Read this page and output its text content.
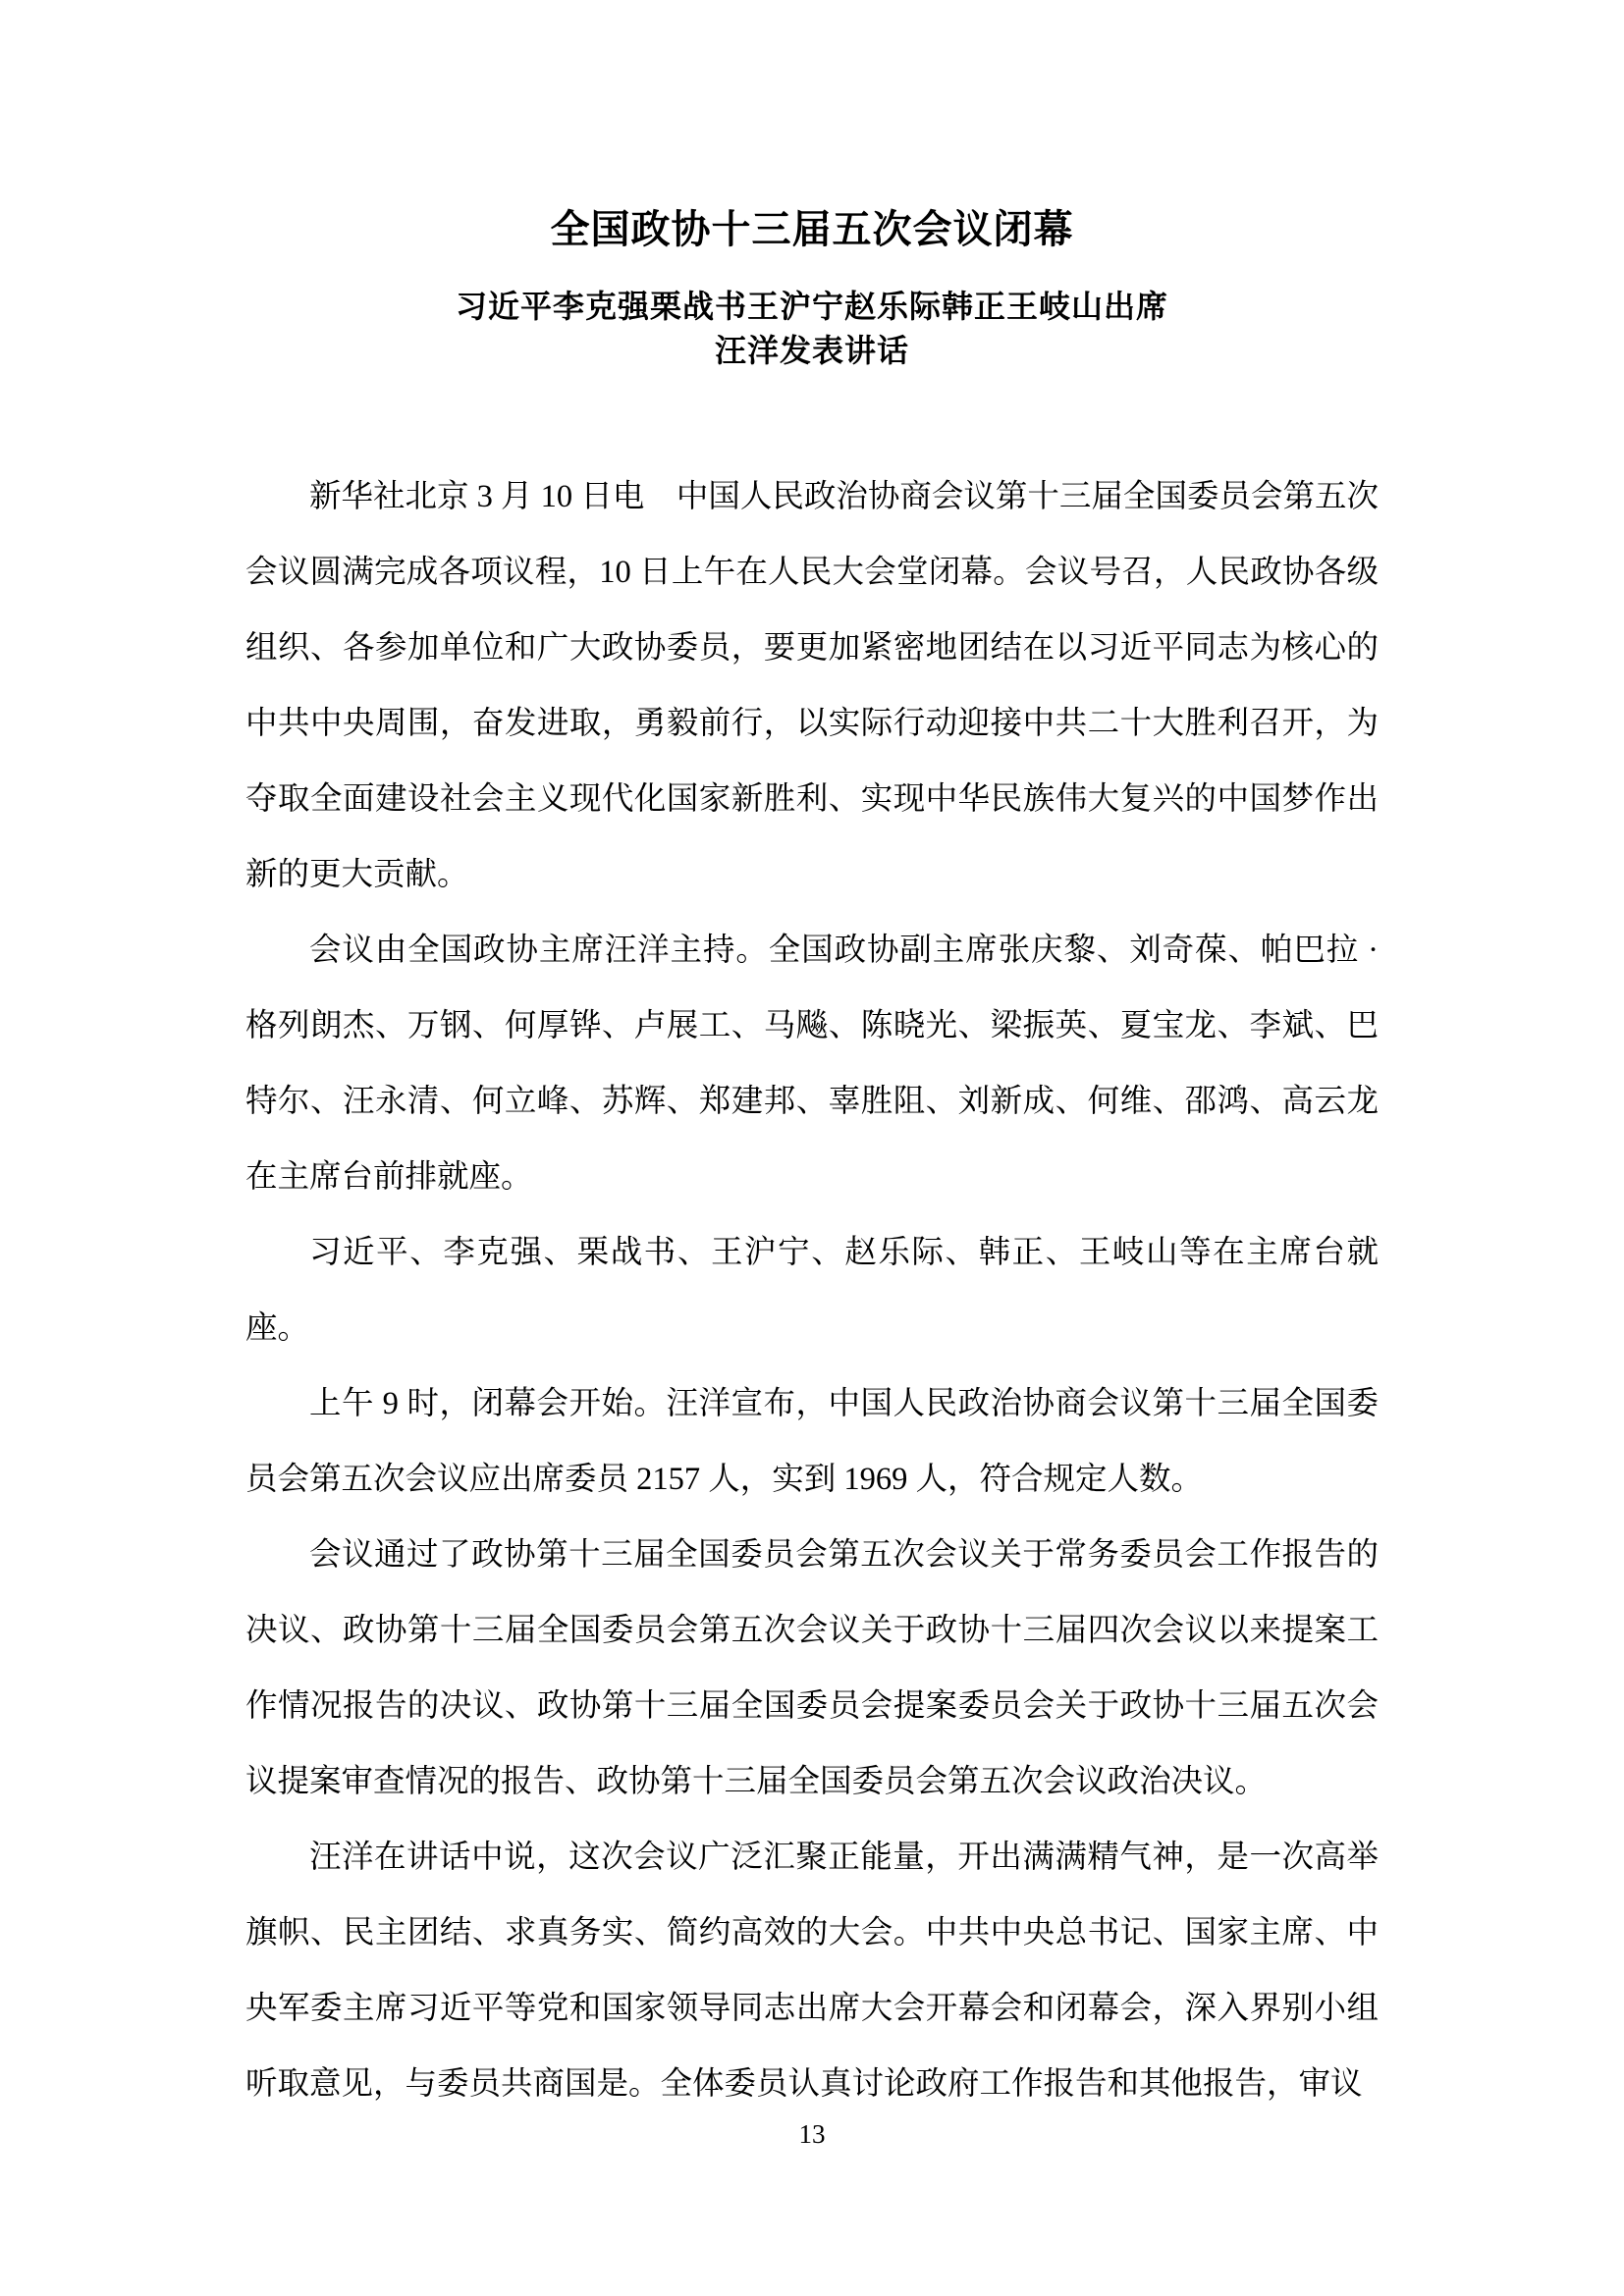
全国政协十三届五次会议闭幕
习近平李克强栗战书王沪宁赵乐际韩正王岐山出席
汪洋发表讲话

新华社北京 3 月 10 日电　中国人民政治协商会议第十三届全国委员会第五次会议圆满完成各项议程，10 日上午在人民大会堂闭幕。会议号召，人民政协各级组织、各参加单位和广大政协委员，要更加紧密地团结在以习近平同志为核心的中共中央周围，奋发进取，勇毅前行，以实际行动迎接中共二十大胜利召开，为夺取全面建设社会主义现代化国家新胜利、实现中华民族伟大复兴的中国梦作出新的更大贡献。

会议由全国政协主席汪洋主持。全国政协副主席张庆黎、刘奇葆、帕巴拉 ·格列朗杰、万钢、何厚铧、卢展工、马飚、陈晓光、梁振英、夏宝龙、李斌、巴特尔、汪永清、何立峰、苏辉、郑建邦、辜胜阻、刘新成、何维、邵鸿、高云龙在主席台前排就座。

习近平、李克强、栗战书、王沪宁、赵乐际、韩正、王岐山等在主席台就座。

上午 9 时，闭幕会开始。汪洋宣布，中国人民政治协商会议第十三届全国委员会第五次会议应出席委员 2157 人，实到 1969 人，符合规定人数。

会议通过了政协第十三届全国委员会第五次会议关于常务委员会工作报告的决议、政协第十三届全国委员会第五次会议关于政协十三届四次会议以来提案工作情况报告的决议、政协第十三届全国委员会提案委员会关于政协十三届五次会议提案审查情况的报告、政协第十三届全国委员会第五次会议政治决议。

汪洋在讲话中说，这次会议广泛汇聚正能量，开出满满精气神，是一次高举旗帜、民主团结、求真务实、简约高效的大会。中共中央总书记、国家主席、中央军委主席习近平等党和国家领导同志出席大会开幕会和闭幕会，深入界别小组听取意见，与委员共商国是。全体委员认真讨论政府工作报告和其他报告，审议

13
